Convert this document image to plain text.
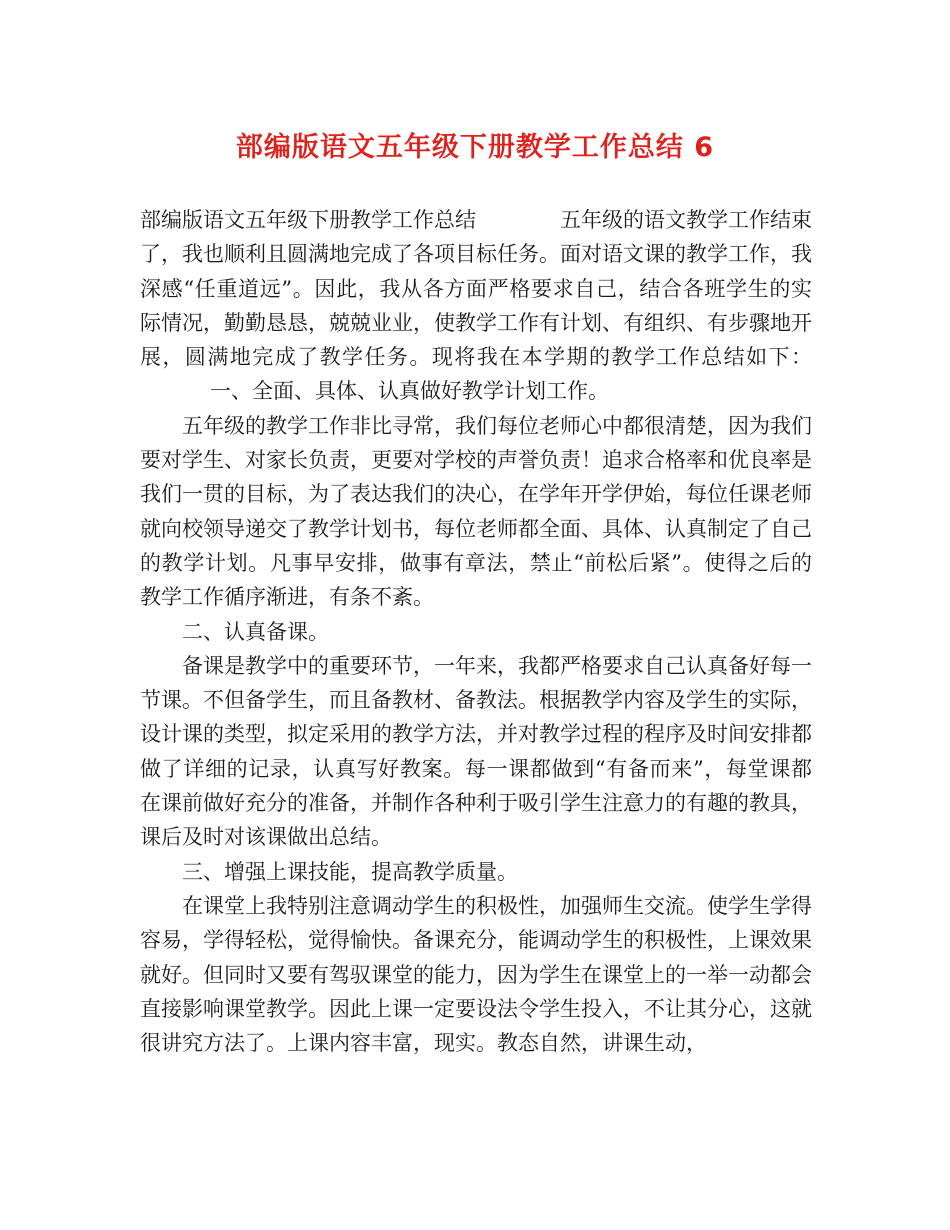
部编版语文五年级下册教学工作总结 6

部编版语文五年级下册教学工作总结	五年级的语文教学工作结束了，我也顺利且圆满地完成了各项目标任务。面对语文课的教学工作，我深感“任重道远”。因此，我从各方面严格要求自己，结合各班学生的实际情况，勤勤恳恳，兢兢业业，使教学工作有计划、有组织、有步骤地开展，圆满地完成了教学任务。现将我在本学期的教学工作总结如下：一、全面、具体、认真做好教学计划工作。

五年级的教学工作非比寻常，我们每位老师心中都很清楚，因为我们要对学生、对家长负责，更要对学校的声誉负责！追求合格率和优良率是我们一贯的目标，为了表达我们的决心，在学年开学伊始，每位任课老师就向校领导递交了教学计划书，每位老师都全面、具体、认真制定了自己的教学计划。凡事早安排，做事有章法，禁止“前松后紧”。使得之后的教学工作循序渐进，有条不紊。

二、认真备课。

备课是教学中的重要环节，一年来，我都严格要求自己认真备好每一节课。不但备学生，而且备教材、备教法。根据教学内容及学生的实际，设计课的类型，拟定采用的教学方法，并对教学过程的程序及时间安排都做了详细的记录，认真写好教案。每一课都做到“有备而来”，每堂课都在课前做好充分的准备，并制作各种利于吸引学生注意力的有趣的教具，课后及时对该课做出总结。

三、增强上课技能，提高教学质量。

在课堂上我特别注意调动学生的积极性，加强师生交流。使学生学得容易，学得轻松，觉得愉快。备课充分，能调动学生的积极性，上课效果就好。但同时又要有驾驭课堂的能力，因为学生在课堂上的一举一动都会直接影响课堂教学。因此上课一定要设法令学生投入，不让其分心，这就很讲究方法了。上课内容丰富，现实。教态自然，讲课生动，
